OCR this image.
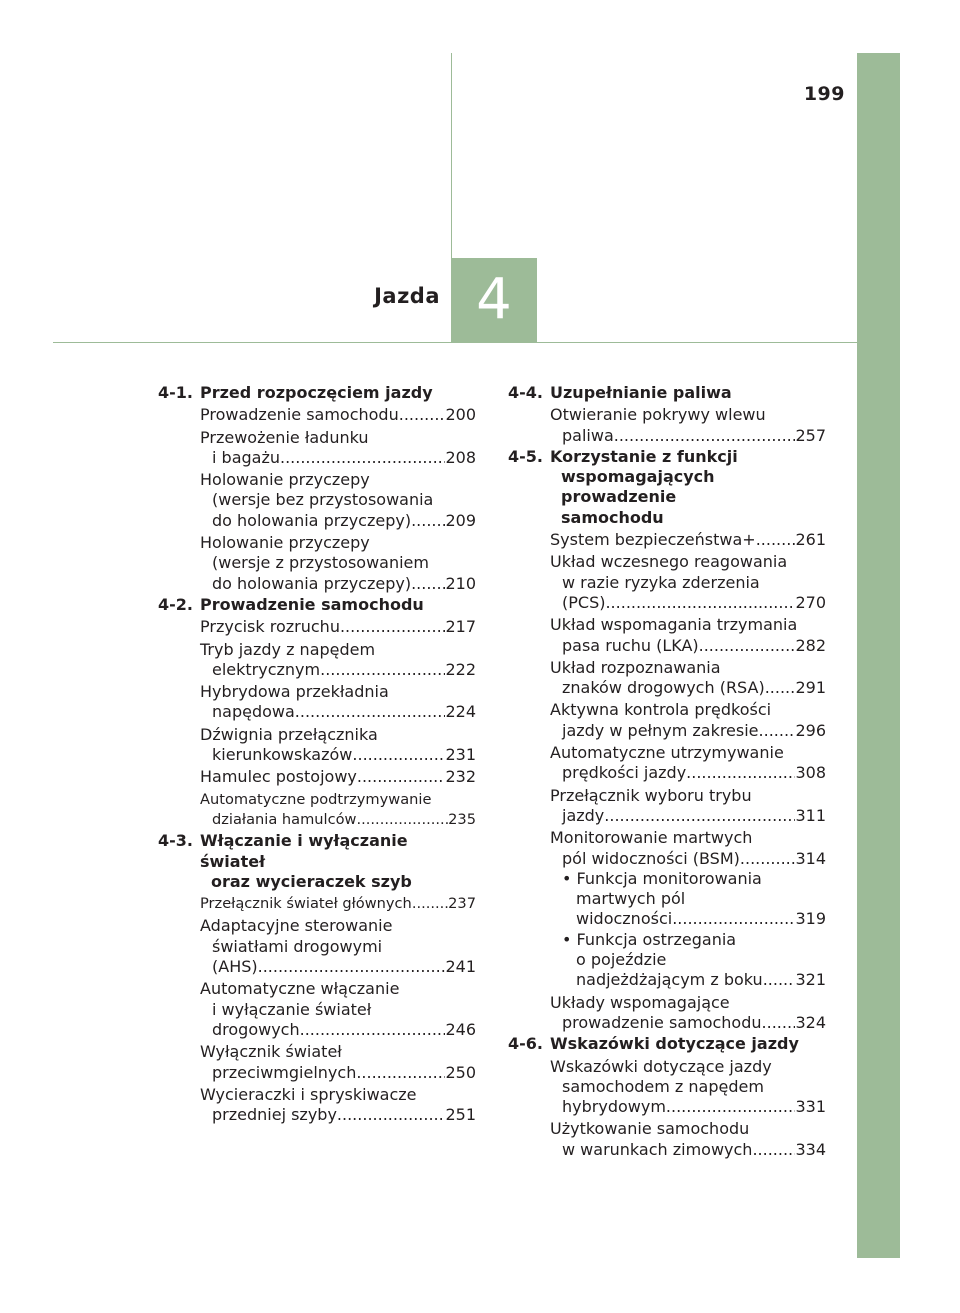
199
Jazda 4
4-1. Przed rozpoczęciem jazdy
Prowadzenie samochodu .....	200
Przewożenie ładunku
i bagażu .....	208
Holowanie przyczepy
(wersje bez przystosowania
do holowania przyczepy) ..... 209
Holowanie przyczepy
(wersje z przystosowaniem
do holowania przyczepy) ..... 210
4-2. Prowadzenie samochodu
Przycisk rozruchu .....	217
Tryb jazdy z napędem
elektrycznym .....	222
Hybrydowa przekładnia
napędowa .....	224
Dźwignia przełącznika
kierunkowskazów .....	231
Hamulec postojowy .....	232
Automatyczne podtrzymywanie
działania hamulców .....	235
4-3. Włączanie i wyłączanie świateł

oraz wycieraczek szyb
Przełącznik świateł głównych ..... 237
Adaptacyjne sterowanie
światłami drogowymi
(AHS) .....	241
Automatyczne włączanie
i wyłączanie świateł
drogowych .....	246
Wyłącznik świateł
przeciwmgielnych .....	250
Wycieraczki i spryskiwacze
przedniej szyby .....	251
4-4. Uzupełnianie paliwa
Otwieranie pokrywy wlewu
paliwa .....	257
4-5. Korzystanie z funkcji

wspomagających prowadzenie
samochodu
System bezpieczeństwa+ ..... 261
Układ wczesnego reagowania
w razie ryzyka zderzenia
(PCS) .....	270
Układ wspomagania trzymania
pasa ruchu (LKA) .....	282
Układ rozpoznawania
znaków drogowych (RSA) ..... 291
Aktywna kontrola prędkości
jazdy w pełnym zakresie ..... 296
Automatyczne utrzymywanie
prędkości jazdy .....	308
Przełącznik wyboru trybu
jazdy .....	311
Monitorowanie martwych
pól widoczności (BSM) .....	314
• Funkcja monitorowania
martwych pól
widoczności .....	319
• Funkcja ostrzegania
o pojeździe
nadjeżdżającym z boku ..... 321
Układy wspomagające
prowadzenie samochodu ..... 324
4-6. Wskazówki dotyczące jazdy
Wskazówki dotyczące jazdy
samochodem z napędem
hybrydowym .....	331
Użytkowanie samochodu
w warunkach zimowych .....	334
